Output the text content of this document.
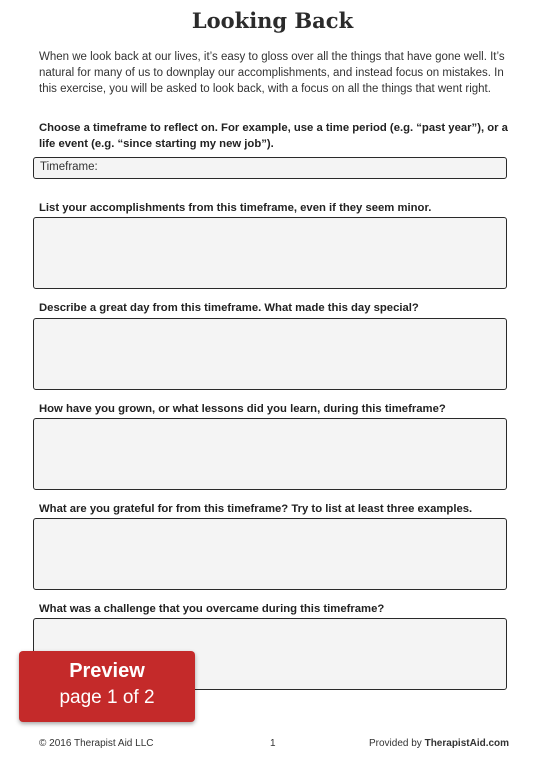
Looking Back
When we look back at our lives, it’s easy to gloss over all the things that have gone well. It’s natural for many of us to downplay our accomplishments, and instead focus on mistakes. In this exercise, you will be asked to look back, with a focus on all the things that went right.
Choose a timeframe to reflect on. For example, use a time period (e.g. “past year”), or a life event (e.g. “since starting my new job”).
Timeframe:
List your accomplishments from this timeframe, even if they seem minor.
Describe a great day from this timeframe. What made this day special?
How have you grown, or what lessons did you learn, during this timeframe?
What are you grateful for from this timeframe? Try to list at least three examples.
What was a challenge that you overcame during this timeframe?
Preview
page 1 of 2
© 2016 Therapist Aid LLC	1	Provided by TherapistAid.com
